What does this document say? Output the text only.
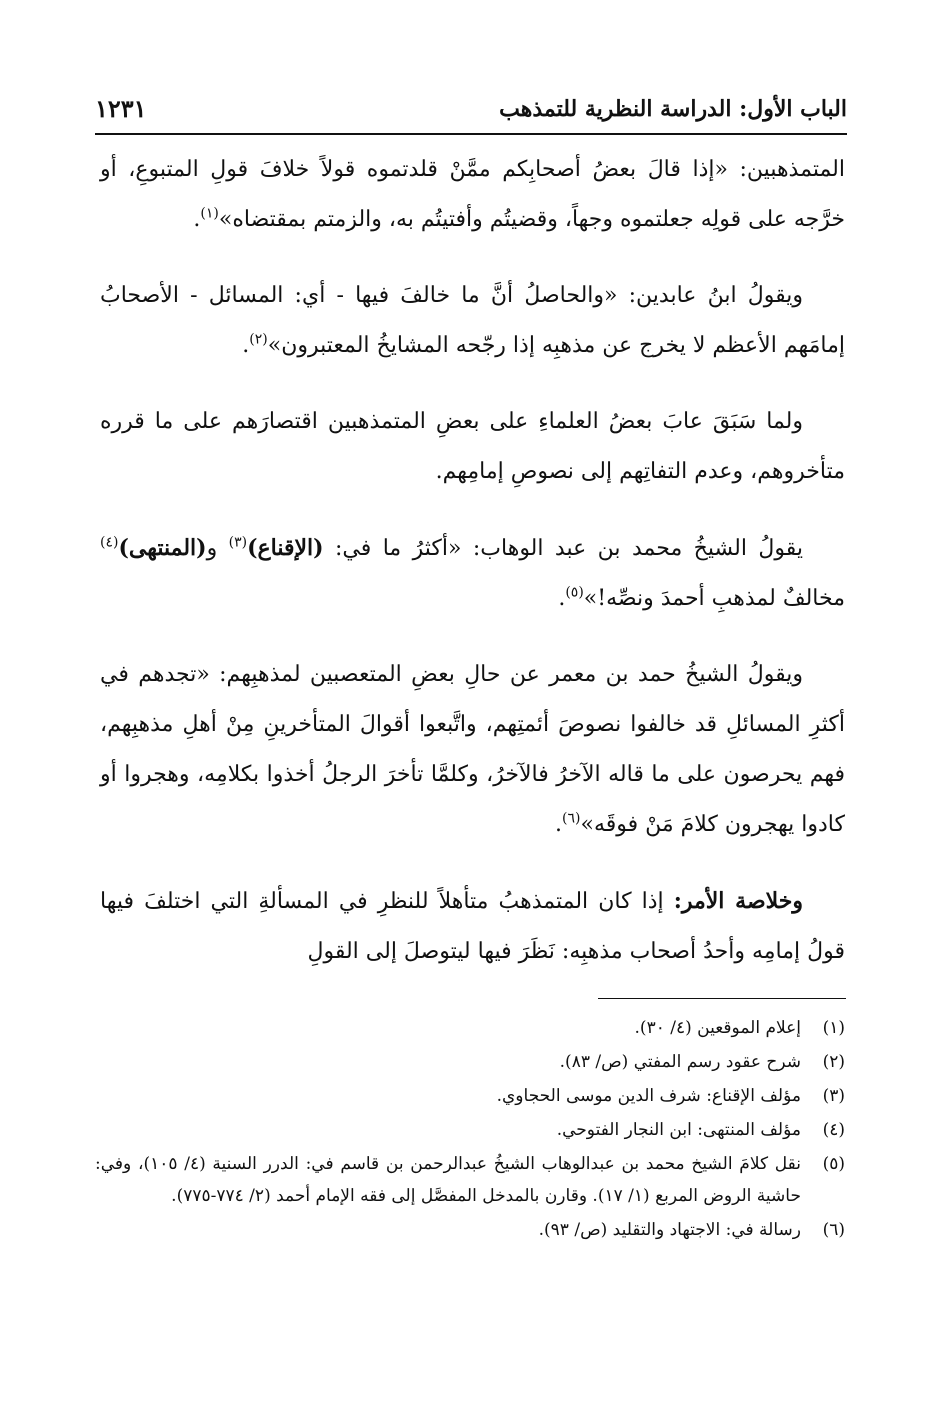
الباب الأول: الدراسة النظرية للتمذهب
١٢٣١

المتمذهبين: «إذا قالَ بعضُ أصحابِكم ممَّنْ قلدتموه قولاً خلافَ قولِ المتبوعِ، أو خرَّجه على قولِه جعلتموه وجهاً، وقضيتُم وأفتيتُم به، والزمتم بمقتضاه»$^{(١)}$.

ويقولُ ابنُ عابدين: «والحاصلُ أنَّ ما خالفَ فيها - أي: المسائل - الأصحابُ إمامَهم الأعظم لا يخرج عن مذهبِه إذا رجّحه المشايخُ المعتبرون»$^{(٢)}$.

ولما سَبَقَ عابَ بعضُ العلماءِ على بعضِ المتمذهبين اقتصارَهم على ما قرره متأخروهم، وعدم التفاتِهم إلى نصوصِ إمامِهم.

يقولُ الشيخُ محمد بن عبد الوهاب: «أكثرُ ما في: (الإقناع)$^{(٣)}$ و(المنتهى)$^{(٤)}$ مخالفٌ لمذهبِ أحمدَ ونصِّه!»$^{(٥)}$.

ويقولُ الشيخُ حمد بن معمر عن حالِ بعضِ المتعصبين لمذهبِهم: «تجدهم في أكثرِ المسائلِ قد خالفوا نصوصَ أئمتِهم، واتَّبعوا أقوالَ المتأخرينِ مِنْ أهلِ مذهبِهم، فهم يحرصون على ما قاله الآخرُ فالآخرُ، وكلمَّا تأخرَ الرجلُ أخذوا بكلامِه، وهجروا أو كادوا يهجرون كلامَ مَنْ فوقَه»$^{(٦)}$.

وخلاصة الأمر: إذا كان المتمذهبُ متأهلاً للنظرِ في المسألةِ التي اختلفَ فيها قولُ إمامِه وأحدُ أصحاب مذهبِه: نَظَرَ فيها ليتوصلَ إلى القولِ

(١)
إعلام الموقعين (٤/ ٣٠).
(٢)
شرح عقود رسم المفتي (ص/ ٨٣).
(٣)
مؤلف الإقناع: شرف الدين موسى الحجاوي.
(٤)
مؤلف المنتهى: ابن النجار الفتوحي.
(٥)
نقل كلامَ الشيخ محمد بن عبدالوهاب الشيخُ عبدالرحمن بن قاسم في: الدرر السنية (٤/ ١٠٥)، وفي: حاشية الروض المربع (١/ ١٧). وقارن بالمدخل المفصَّل إلى فقه الإمام أحمد (٢/ ٧٧٤-٧٧٥).
(٦)
رسالة في: الاجتهاد والتقليد (ص/ ٩٣).
